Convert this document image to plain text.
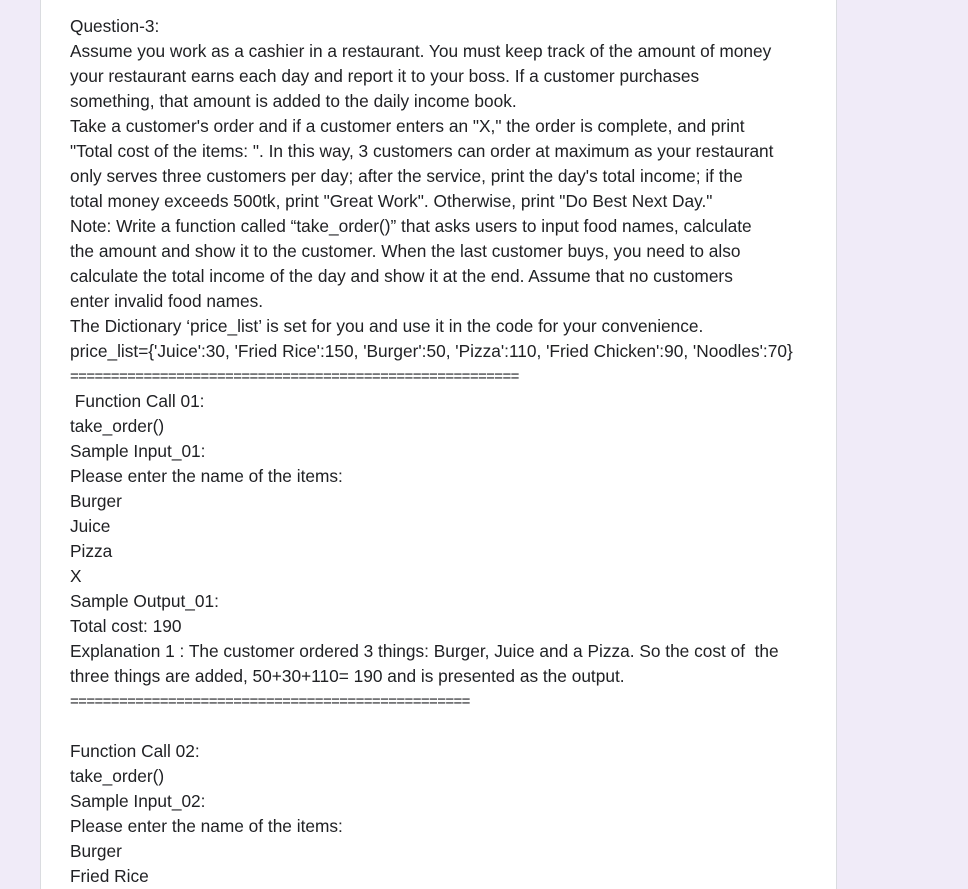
Question-3:
Assume you work as a cashier in a restaurant. You must keep track of the amount of money
your restaurant earns each day and report it to your boss. If a customer purchases
something, that amount is added to the daily income book.
Take a customer's order and if a customer enters an "X," the order is complete, and print
"Total cost of the items: ". In this way, 3 customers can order at maximum as your restaurant
only serves three customers per day; after the service, print the day's total income; if the
total money exceeds 500tk, print "Great Work". Otherwise, print "Do Best Next Day."
Note: Write a function called “take_order()” that asks users to input food names, calculate
the amount and show it to the customer. When the last customer buys, you need to also
calculate the total income of the day and show it at the end. Assume that no customers
enter invalid food names.
The Dictionary ‘price_list’ is set for you and use it in the code for your convenience.
price_list={'Juice':30, 'Fried Rice':150, 'Burger':50, 'Pizza':110, 'Fried Chicken':90, 'Noodles':70}
=======================================================
Function Call 01:
take_order()
Sample Input_01:
Please enter the name of the items:
Burger
Juice
Pizza
X
Sample Output_01:
Total cost: 190
Explanation 1 : The customer ordered 3 things: Burger, Juice and a Pizza. So the cost of  the
three things are added, 50+30+110= 190 and is presented as the output.
=================================================
Function Call 02:
take_order()
Sample Input_02:
Please enter the name of the items:
Burger
Fried Rice
